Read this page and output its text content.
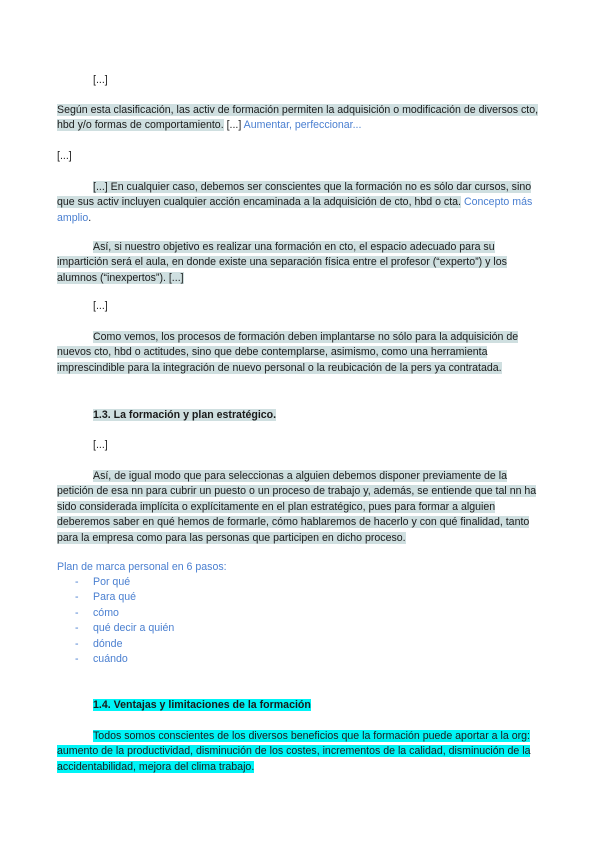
[...]
Según esta clasificación, las activ de formación permiten la adquisición o modificación de diversos cto, hbd y/o formas de comportamiento. [...] Aumentar, perfeccionar...
[...]
[...] En cualquier caso, debemos ser conscientes que la formación no es sólo dar cursos, sino que sus activ incluyen cualquier acción encaminada a la adquisición de cto, hbd o cta. Concepto más amplio.
Así, si nuestro objetivo es realizar una formación en cto, el espacio adecuado para su impartición será el aula, en donde existe una separación física entre el profesor (“experto”) y los alumnos (“inexpertos”). [...]
[...]
Como vemos, los procesos de formación deben implantarse no sólo para la adquisición de nuevos cto, hbd o actitudes, sino que debe contemplarse, asimismo, como una herramienta imprescindible para la integración de nuevo personal o la reubicación de la pers ya contratada.
1.3. La formación y plan estratégico.
[...]
Así, de igual modo que para seleccionas a alguien debemos disponer previamente de la petición de esa nn para cubrir un puesto o un proceso de trabajo y, además, se entiende que tal nn ha sido considerada implícita o explícitamente en el plan estratégico, pues para formar a alguien deberemos saber en qué hemos de formarle, cómo hablaremos de hacerlo y con qué finalidad, tanto para la empresa como para las personas que participen en dicho proceso.
Plan de marca personal en 6 pasos:
- Por qué
- Para qué
- cómo
- qué decir a quién
- dónde
- cuándo
1.4. Ventajas y limitaciones de la formación
Todos somos conscientes de los diversos beneficios que la formación puede aportar a la org: aumento de la productividad, disminución de los costes, incrementos de la calidad, disminución de la accidentabilidad, mejora del clima trabajo.
